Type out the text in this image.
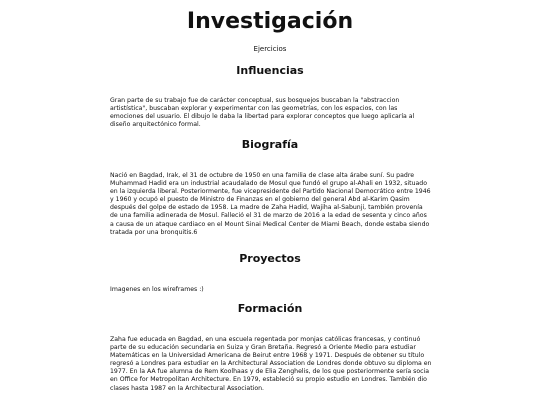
Investigación
Ejercicios
Influencias

Gran parte de su trabajo fue de carácter conceptual, sus bosquejos buscaban la "abstraccion artistística", buscaban explorar y experimentar con las geometrías, con los espacios, con las emociones del usuario. El dibujo le daba la libertad para explorar conceptos que luego aplicaría al diseño arquitectónico formal.

Biografía

Nació en Bagdad, Irak, el 31 de octubre de 1950 en una familia de clase alta árabe suní. Su padre Muhammad Hadid era un industrial acaudalado de Mosul que fundó el grupo al-Ahali en 1932, situado en la izquierda liberal. Posteriormente, fue vicepresidente del Partido Nacional Democrático entre 1946 y 1960 y ocupó el puesto de Ministro de Finanzas en el gobierno del general Abd al-Karim Qasim después del golpe de estado de 1958. La madre de Zaha Hadid, Wajiha al-Sabunji, también provenía de una familia adinerada de Mosul. Falleció el 31 de marzo de 2016 a la edad de sesenta y cinco años a causa de un ataque cardiaco en el Mount Sinai Medical Center de Miami Beach, donde estaba siendo tratada por una bronquitis.6

Proyectos

Imagenes en los wireframes :)

Formación

Zaha fue educada en Bagdad, en una escuela regentada por monjas católicas francesas, y continuó parte de su educación secundaria en Suiza y Gran Bretaña. Regresó a Oriente Medio para estudiar Matemáticas en la Universidad Americana de Beirut entre 1968 y 1971. Después de obtener su título regresó a Londres para estudiar en la Architectural Association de Londres donde obtuvo su diploma en 1977. En la AA fue alumna de Rem Koolhaas y de Elia Zenghelis, de los que posteriormente sería socia en Office for Metropolitan Architecture. En 1979, estableció su propio estudio en Londres. También dio clases hasta 1987 en la Architectural Association.
